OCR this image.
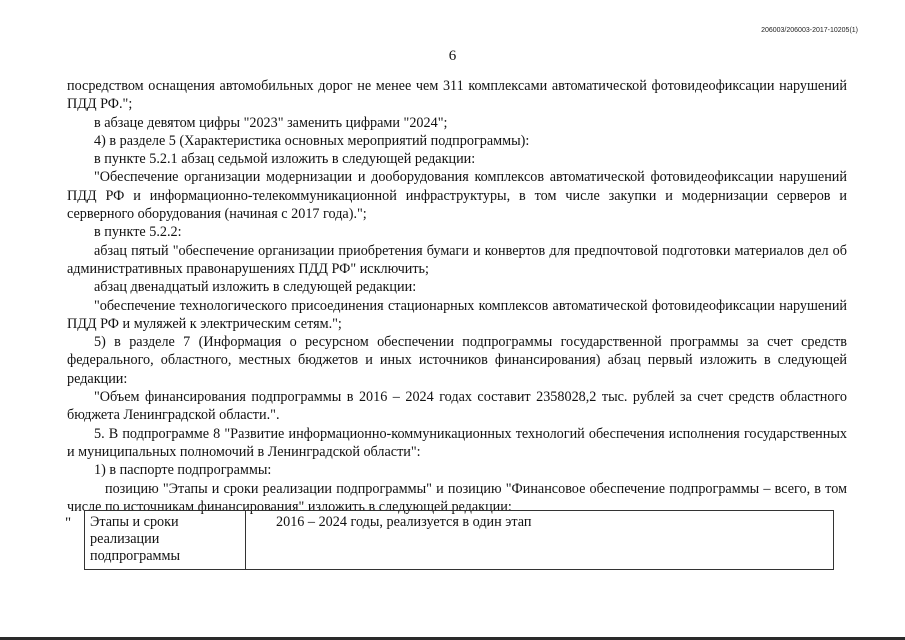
206003/206003-2017-10205(1)
6

посредством оснащения автомобильных дорог не менее чем 311 комплексами автоматической фотовидеофиксации нарушений ПДД РФ.";

в абзаце девятом цифры "2023" заменить цифрами "2024";

4) в разделе 5 (Характеристика основных мероприятий подпрограммы):

в пункте 5.2.1 абзац седьмой изложить в следующей редакции:

"Обеспечение организации модернизации и дооборудования комплексов автоматической фотовидеофиксации нарушений ПДД РФ и информационно-телекоммуникационной инфраструктуры, в том числе закупки и модернизации серверов и серверного оборудования (начиная с 2017 года).";

в пункте 5.2.2:

абзац пятый "обеспечение организации приобретения бумаги и конвертов для предпочтовой подготовки материалов дел об административных правонарушениях ПДД РФ" исключить;

абзац двенадцатый изложить в следующей редакции:

"обеспечение технологического присоединения стационарных комплексов автоматической фотовидеофиксации нарушений ПДД РФ и муляжей к электрическим сетям.";

5) в разделе 7 (Информация о ресурсном обеспечении подпрограммы государственной программы за счет средств федерального, областного, местных бюджетов и иных источников финансирования) абзац первый изложить в следующей редакции:

"Объем финансирования подпрограммы в 2016 – 2024 годах составит 2358028,2 тыс. рублей за счет средств областного бюджета Ленинградской области.".

5. В подпрограмме 8 "Развитие информационно-коммуникационных технологий обеспечения исполнения государственных и муниципальных полномочий в Ленинградской области":

1) в паспорте подпрограммы:

позицию "Этапы и сроки реализации подпрограммы" и позицию "Финансовое обеспечение подпрограммы – всего, в том числе по источникам финансирования" изложить в следующей редакции:

" Этапы и сроки реализации подпрограммы	2016 – 2024 годы, реализуется в один этап
